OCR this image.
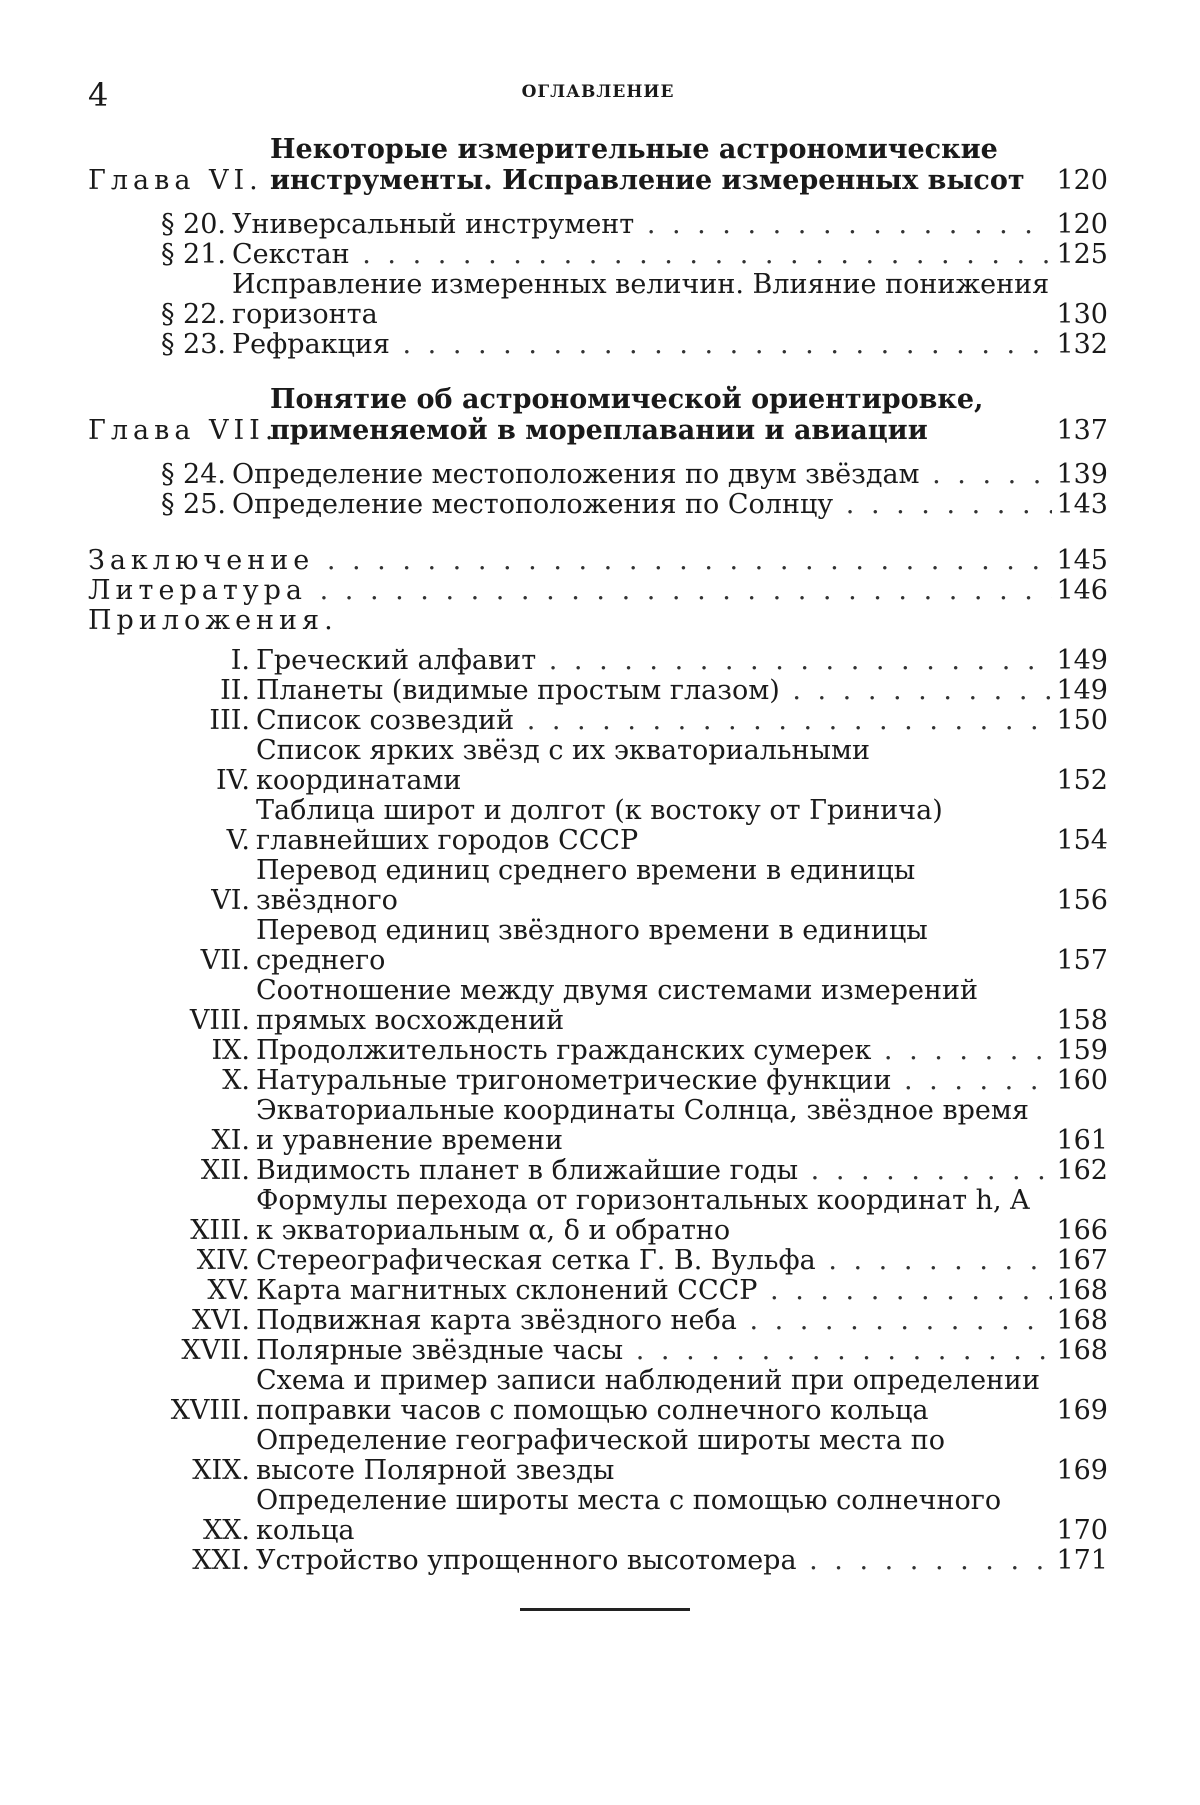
4	ОГЛАВЛЕНИЕ
Глава VI.
Некоторые измерительные астрономические инструменты. Исправление измеренных высот	120
§ 20. Универсальный инструмент . . .	120
§ 21. Секстан . . .	125
§ 22.
Исправление измеренных величин. Влияние понижения горизонта	130
§ 23. Рефракция . . .	132
Глава VII.
Понятие об астрономической ориентировке, применяемой в мореплавании и авиации	137
§ 24. Определение местоположения по двум звёздам . . .	139
§ 25. Определение местоположения по Солнцу . . .	143
Заключение . . .	145
Литература . . .	146
Приложения.
I. Греческий алфавит . . .	149
II. Планеты (видимые простым глазом) . . .	149
III. Список созвездий . . .	150
IV.
Список ярких звёзд с их экваториальными координатами	152
V.
Таблица широт и долгот (к востоку от Гринича) главнейших городов СССР	154
VI.
Перевод единиц среднего времени в единицы звёздного	156
VII.
Перевод единиц звёздного времени в единицы среднего	157
VIII.
Соотношение между двумя системами измерений прямых восхождений	158
IX. Продолжительность гражданских сумерек . . .	159
X. Натуральные тригонометрические функции . . .	160
XI.
Экваториальные координаты Солнца, звёздное время и уравнение времени	161
XII. Видимость планет в ближайшие годы . . .	162
XIII.
Формулы перехода от горизонтальных координат h, A к экваториальным α, δ и обратно	166
XIV. Стереографическая сетка Г. В. Вульфа . . .	167
XV. Карта магнитных склонений СССР . . .	168
XVI. Подвижная карта звёздного неба . . .	168
XVII. Полярные звёздные часы . . .	168
XVIII.
Схема и пример записи наблюдений при определении поправки часов с помощью солнечного кольца	169
XIX.
Определение географической широты места по высоте Полярной звезды	169
XX.
Определение широты места с помощью солнечного кольца	170
XXI. Устройство упрощенного высотомера . . .	171
